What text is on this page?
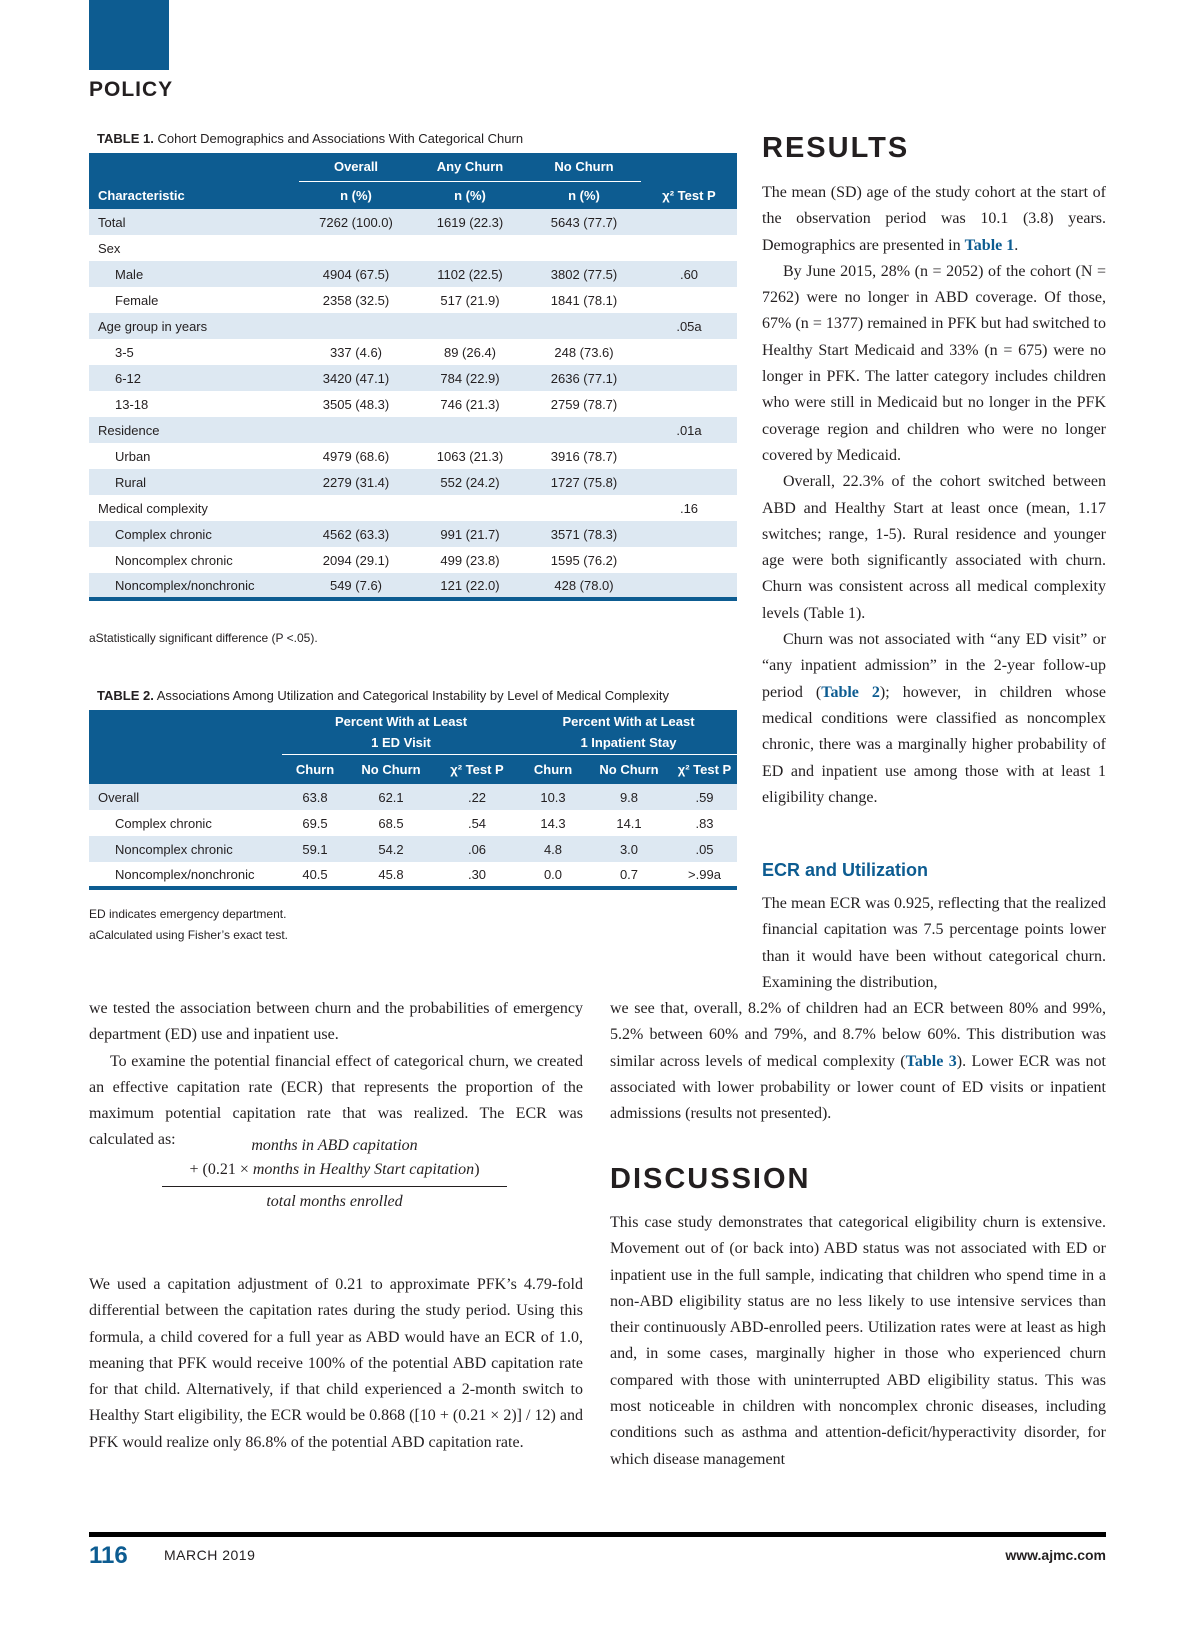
POLICY
TABLE 1. Cohort Demographics and Associations With Categorical Churn
	Overall	Any Churn	No Churn	
Characteristic	n (%)	n (%)	n (%)	χ² Test P
Total	7262 (100.0)	1619 (22.3)	5643 (77.7)	
Sex				
Male	4904 (67.5)	1102 (22.5)	3802 (77.5)	.60
Female	2358 (32.5)	517 (21.9)	1841 (78.1)	
Age group in years				.05a
3-5	337 (4.6)	89 (26.4)	248 (73.6)	
6-12	3420 (47.1)	784 (22.9)	2636 (77.1)	
13-18	3505 (48.3)	746 (21.3)	2759 (78.7)	
Residence				.01a
Urban	4979 (68.6)	1063 (21.3)	3916 (78.7)	
Rural	2279 (31.4)	552 (24.2)	1727 (75.8)	
Medical complexity				.16
Complex chronic	4562 (63.3)	991 (21.7)	3571 (78.3)	
Noncomplex chronic	2094 (29.1)	499 (23.8)	1595 (76.2)	
Noncomplex/nonchronic	549 (7.6)	121 (22.0)	428 (78.0)	
aStatistically significant difference (P <.05).
TABLE 2. Associations Among Utilization and Categorical Instability by Level of Medical Complexity
	Percent With at Least			Percent With at Least		
	1 ED Visit			1 Inpatient Stay		
	Churn	No Churn	χ² Test P	Churn	No Churn	χ² Test P
Overall	63.8	62.1	.22	10.3	9.8	.59
Complex chronic	69.5	68.5	.54	14.3	14.1	.83
Noncomplex chronic	59.1	54.2	.06	4.8	3.0	.05
Noncomplex/nonchronic	40.5	45.8	.30	0.0	0.7	>.99a
ED indicates emergency department.
aCalculated using Fisher’s exact test.
RESULTS

The mean (SD) age of the study cohort at the start of the observation period was 10.1 (3.8) years. Demographics are presented in Table 1.

By June 2015, 28% (n = 2052) of the cohort (N = 7262) were no longer in ABD coverage. Of those, 67% (n = 1377) remained in PFK but had switched to Healthy Start Medicaid and 33% (n = 675) were no longer in PFK. The latter category includes children who were still in Medicaid but no longer in the PFK coverage region and children who were no longer covered by Medicaid.

Overall, 22.3% of the cohort switched between ABD and Healthy Start at least once (mean, 1.17 switches; range, 1-5). Rural residence and younger age were both significantly associated with churn. Churn was consistent across all medical complexity levels (Table 1).

Churn was not associated with “any ED visit” or “any inpatient admission” in the 2-year follow-up period (Table 2); however, in children whose medical conditions were classified as noncomplex chronic, there was a marginally higher probability of ED and inpatient use among those with at least 1 eligibility change.

ECR and Utilization

The mean ECR was 0.925, reflecting that the realized financial capitation was 7.5 percentage points lower than it would have been without categorical churn. Examining the distribution,

we tested the association between churn and the probabilities of emergency department (ED) use and inpatient use.

To examine the potential financial effect of categorical churn, we created an effective capitation rate (ECR) that represents the proportion of the maximum potential capitation rate that was realized. The ECR was calculated as:	months in ABD capitation
+ (0.21 × months in Healthy Start capitation)
total months enrolled

We used a capitation adjustment of 0.21 to approximate PFK’s 4.79-fold differential between the capitation rates during the study period. Using this formula, a child covered for a full year as ABD would have an ECR of 1.0, meaning that PFK would receive 100% of the potential ABD capitation rate for that child. Alternatively, if that child experienced a 2-month switch to Healthy Start eligibility, the ECR would be 0.868 ([10 + (0.21 × 2)] / 12) and PFK would realize only 86.8% of the potential ABD capitation rate.

we see that, overall, 8.2% of children had an ECR between 80% and 99%, 5.2% between 60% and 79%, and 8.7% below 60%. This distribution was similar across levels of medical complexity (Table 3). Lower ECR was not associated with lower probability or lower count of ED visits or inpatient admissions (results not presented).

DISCUSSION

This case study demonstrates that categorical eligibility churn is extensive. Movement out of (or back into) ABD status was not associated with ED or inpatient use in the full sample, indicating that children who spend time in a non-ABD eligibility status are no less likely to use intensive services than their continuously ABD-enrolled peers. Utilization rates were at least as high and, in some cases, marginally higher in those who experienced churn compared with those with uninterrupted ABD eligibility status. This was most noticeable in children with noncomplex chronic diseases, including conditions such as asthma and attention-deficit/hyperactivity disorder, for which disease management

116	MARCH 2019	www.ajmc.com
